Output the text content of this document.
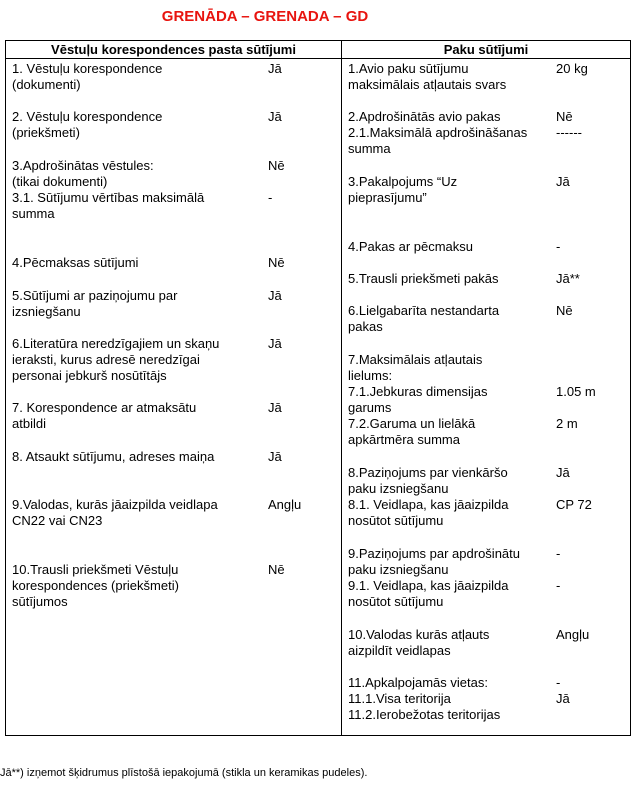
GRENĀDA – GRENADA – GD
Vēstuļu korespondences pasta sūtījumi	Paku sūtījumi
1. Vēstuļu korespondence
(dokumenti)
2. Vēstuļu korespondence
(priekšmeti)
3.Apdrošinātas vēstules:
(tikai dokumenti)
3.1. Sūtījumu vērtības maksimālā
summa
4.Pēcmaksas sūtījumi
5.Sūtījumi ar paziņojumu par
izsniegšanu
6.Literatūra neredzīgajiem un skaņu
ieraksti, kurus adresē neredzīgai
personai jebkurš nosūtītājs
7. Korespondence ar atmaksātu
atbildi
8. Atsaukt sūtījumu, adreses maiņa
9.Valodas, kurās jāaizpilda veidlapa
CN22 vai CN23
10.Trausli priekšmeti Vēstuļu
korespondences (priekšmeti)
sūtījumos
Jā
Jā
Nē
-
Nē
Jā
Jā
Jā
Jā
Angļu
Nē
1.Avio paku sūtījumu
maksimālais atļautais svars
2.Apdrošinātās avio pakas
2.1.Maksimālā apdrošināšanas
summa
3.Pakalpojums “Uz
pieprasījumu”
4.Pakas ar pēcmaksu
5.Trausli priekšmeti pakās
6.Lielgabarīta nestandarta
pakas
7.Maksimālais atļautais
lielums:
7.1.Jebkuras dimensijas
garums
7.2.Garuma un lielākā
apkārtmēra summa
8.Paziņojums par vienkāršo
paku izsniegšanu
8.1. Veidlapa, kas jāaizpilda
nosūtot sūtījumu
9.Paziņojums par apdrošinātu
paku izsniegšanu
9.1. Veidlapa, kas jāaizpilda
nosūtot sūtījumu
10.Valodas kurās atļauts
aizpildīt veidlapas
11.Apkalpojamās vietas:
11.1.Visa teritorija
11.2.Ierobežotas teritorijas
20 kg
Nē
------
Jā
-
Jā**
Nē
1.05 m
2 m
Jā
CP 72
-
-
Angļu
-
Jā
Jā**) izņemot šķidrumus plīstošā iepakojumā (stikla un keramikas pudeles).
